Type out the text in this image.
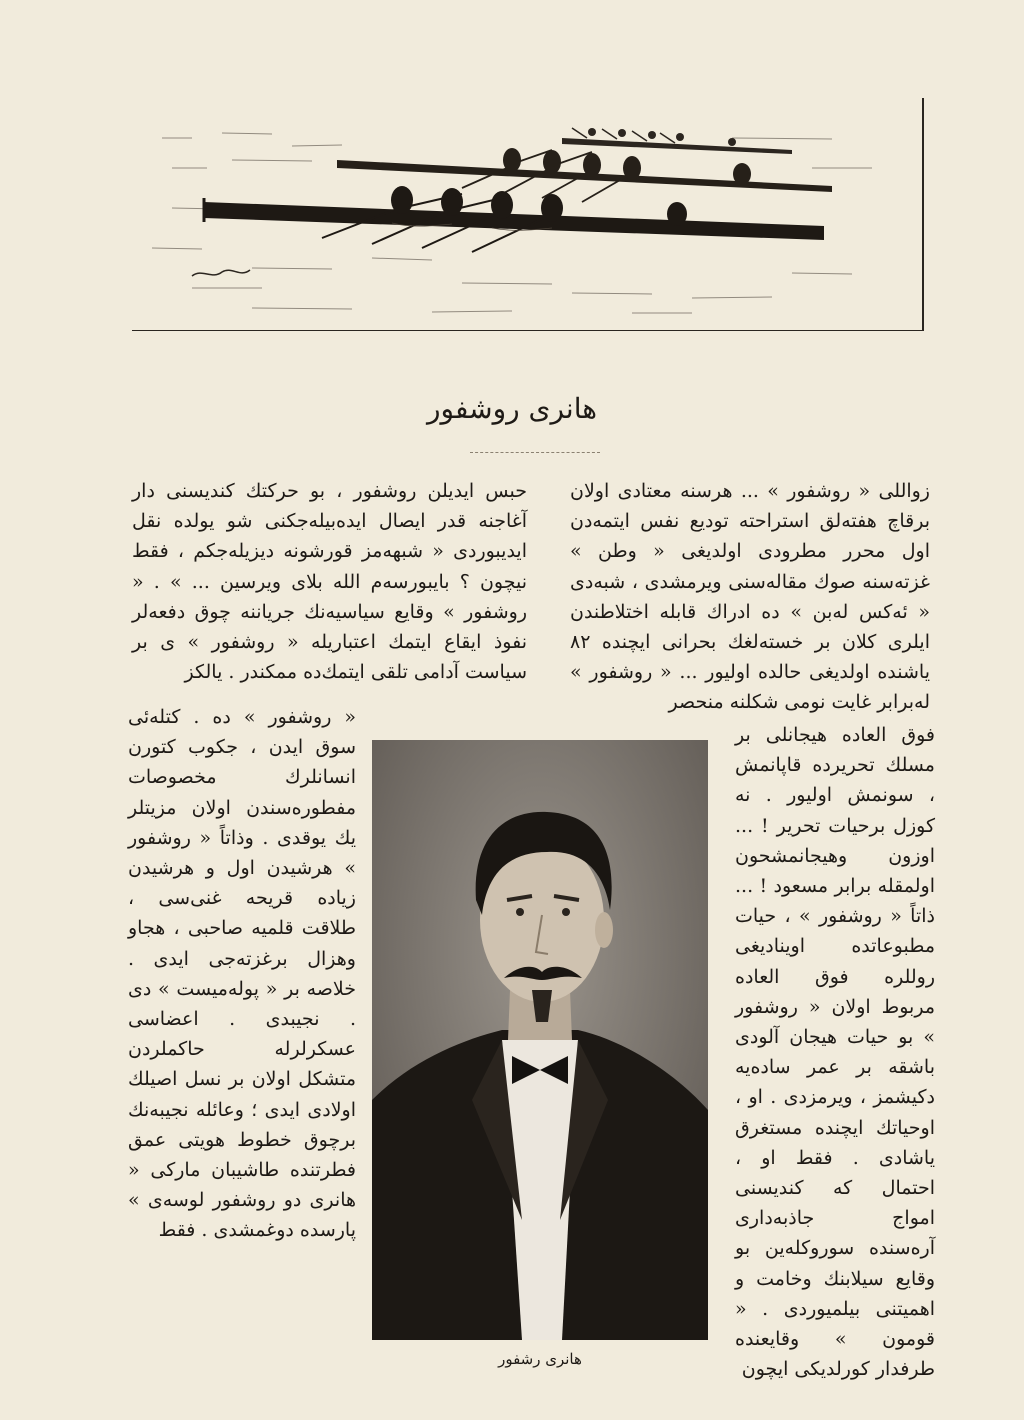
هانری روشفور

زواللی « روشفور » ... هرسنه معتادی اولان برقاچ هفته‌لق استراحته تودیع نفس ایتمه‌دن اول محرر مطرودی اولدیغی « وطن » غزته‌سنه صوك مقاله‌سنی ویرمشدی ، شبه‌دی « ئه‌کس له‌بن » ده ادراك قابله اختلاطندن ایلری کلان بر خسته‌لغك بحرانی ایچنده ۸۲ یاشنده اولدیغی حالده اولیور ... « روشفور » له‌برابر غایت نومی شکلنه منحصر

حبس ایدیلن روشفور ، بو حرکتك کندیسنی دار آغاجنه قدر ایصال ایده‌بیله‌جکنی شو یولده نقل ایدیبوردی « شبهه‌مز قورشونه دیزیله‌جکم ، فقط نیچون ؟ بایبورسه‌م الله بلای ویرسین ... » . « روشفور » وقایع سیاسیه‌نك جریاننه چوق دفعه‌لر نفوذ ایقاع ایتمك اعتباریله « روشفور » ی بر سیاست آدامی تلقی ایتمك‌ده ممکندر . یالکز

فوق العاده هیجانلی بر مسلك تحریرده قاپانمش ، سونمش اولیور . نه کوزل برحیات تحریر ! ... اوزون وهیجانمشحون اولمقله برابر مسعود ! ... ذاتاً « روشفور » ، حیات مطبوعاتده اوینادیغی روللره فوق العاده مربوط اولان « روشفور » بو حیات هیجان آلودی باشقه بر عمر ساده‌یه دکیشمز ، ویرمزدی . او ، اوحیاتك ایچنده مستغرق یاشادی . فقط او ، احتمال که کندیسنی امواج جاذبه‌داری آره‌سنده سوروکله‌ین بو وقایع سیلابنك وخامت و اهمیتنی بیلمیوردی . « قومون » وقایعنده طرفدار کورلدیکی ایچون

« روشفور » ده . کتله‌ئی سوق ایدن ، جکوب کتورن انسانلرك مخصوصات مفطوره‌سندن اولان مزیتلر یك یوقدی . وذاتاً « روشفور » هرشیدن اول و هرشیدن زیاده قریحه غنی‌سی ، طلاقت قلمیه صاحبی ، هجاو وهزال برغزته‌جی ایدی . خلاصه بر « پوله‌میست » دی . نجیبدی . اعضاسی عسکرلرله حاکملردن متشکل اولان بر نسل اصیلك اولادی ایدی ؛ وعائله نجیبه‌نك برچوق خطوط هویتی عمق فطرتنده طاشیبان مارکی « هانری دو روشفور لوسه‌ی » پارسده دوغمشدی . فقط

هانری رشفور
